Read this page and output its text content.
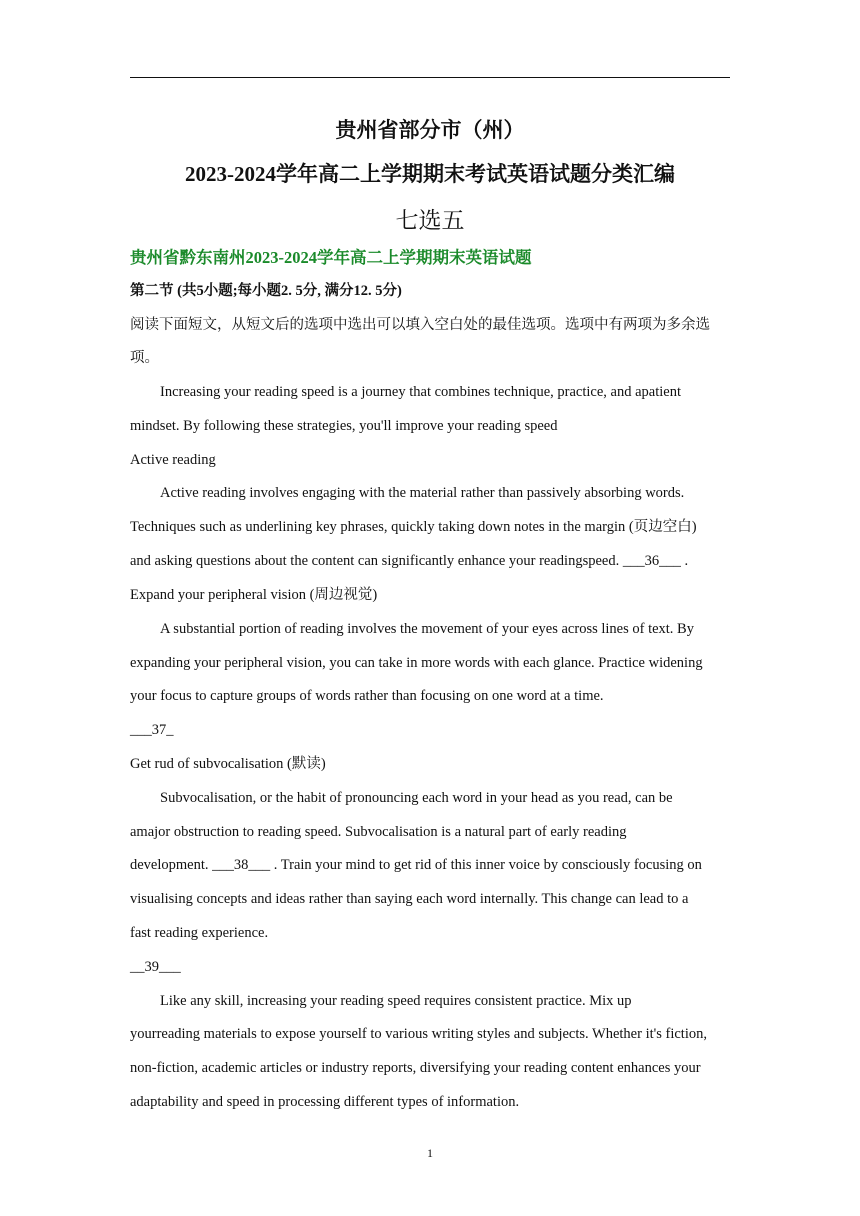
贵州省部分市（州）
2023-2024学年高二上学期期末考试英语试题分类汇编
七选五
贵州省黔东南州2023-2024学年高二上学期期末英语试题
第二节 (共5小题;每小题2. 5分, 满分12. 5分)
阅读下面短文，从短文后的选项中选出可以填入空白处的最佳选项。选项中有两项为多余选
项。
Increasing your reading speed is a journey that combines technique, practice, and apatient
mindset. By following these strategies, you'll improve your reading speed
Active reading
Active reading involves engaging with the material rather than passively absorbing words.
Techniques such as underlining key phrases, quickly taking down notes in the margin (页边空白)
and asking questions about the content can significantly enhance your readingspeed. ___36___ .
Expand your peripheral vision (周边视觉)
A substantial portion of reading involves the movement of your eyes across lines of text. By
expanding your peripheral vision, you can take in more words with each glance. Practice widening
your focus to capture groups of words rather than focusing on one word at a time.
___37_
Get rud of subvocalisation (默读)
Subvocalisation, or the habit of pronouncing each word in your head as you read, can be
amajor obstruction to reading speed. Subvocalisation is a natural part of early reading
development. ___38___ . Train your mind to get rid of this inner voice by consciously focusing on
visualising concepts and ideas rather than saying each word internally. This change can lead to a
fast reading experience.
__39___
Like any skill, increasing your reading speed requires consistent practice. Mix up
yourreading materials to expose yourself to various writing styles and subjects. Whether it's fiction,
non-fiction, academic articles or industry reports, diversifying your reading content enhances your
adaptability and speed in processing different types of information.
1
